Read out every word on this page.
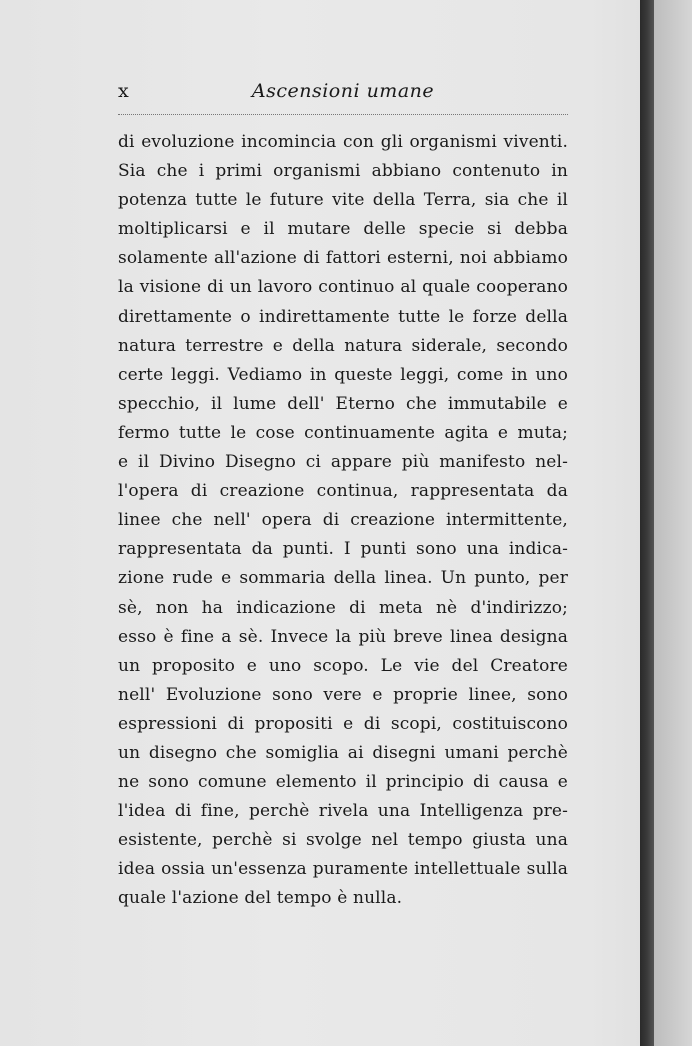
x	Ascensioni umane
di evoluzione incomincia con gli organismi viventi.
Sia che i primi organismi abbiano contenuto in
potenza tutte le future vite della Terra, sia che il
moltiplicarsi e il mutare delle specie si debba
solamente all'azione di fattori esterni, noi abbiamo
la visione di un lavoro continuo al quale cooperano
direttamente o indirettamente tutte le forze della
natura terrestre e della natura siderale, secondo
certe leggi. Vediamo in queste leggi, come in uno
specchio, il lume dell' Eterno che immutabile e
fermo tutte le cose continuamente agita e muta;
e il Divino Disegno ci appare più manifesto nel-
l'opera di creazione continua, rappresentata da
linee che nell' opera di creazione intermittente,
rappresentata da punti. I punti sono una indica-
zione rude e sommaria della linea. Un punto, per
sè, non ha indicazione di meta nè d'indirizzo;
esso è fine a sè. Invece la più breve linea designa
un proposito e uno scopo. Le vie del Creatore
nell' Evoluzione sono vere e proprie linee, sono
espressioni di propositi e di scopi, costituiscono
un disegno che somiglia ai disegni umani perchè
ne sono comune elemento il principio di causa e
l'idea di fine, perchè rivela una Intelligenza pre-
esistente, perchè si svolge nel tempo giusta una
idea ossia un'essenza puramente intellettuale sulla
quale l'azione del tempo è nulla.
